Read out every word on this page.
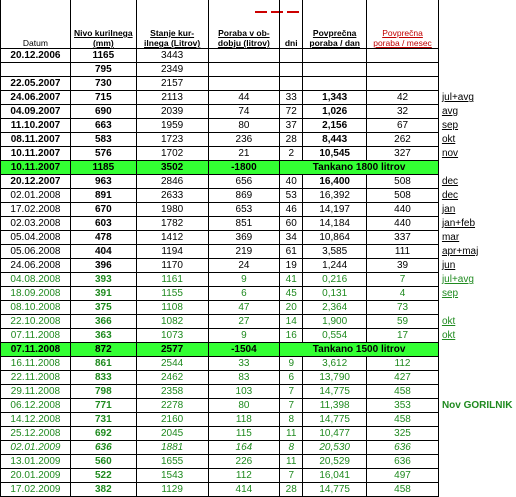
Datum	Nivo kurilnega (mm)	Stanje kur- ilnega (Litrov)	Poraba v ob- dobju (litrov)	dni	Povprečna poraba / dan	Povprečna poraba / mesec	
20.12.2006	1165	3443					
	795	2349					
22.05.2007	730	2157					
24.06.2007	715	2113	44	33	1,343	42	jul+avg
04.09.2007	690	2039	74	72	1,026	32	avg
11.10.2007	663	1959	80	37	2,156	67	sep
08.11.2007	583	1723	236	28	8,443	262	okt
10.11.2007	576	1702	21	2	10,545	327	nov
10.11.2007	1185	3502	-1800	Tankano 1800 litrov			
20.12.2007	963	2846	656	40	16,400	508	dec
02.01.2008	891	2633	869	53	16,392	508	dec
17.02.2008	670	1980	653	46	14,197	440	jan
02.03.2008	603	1782	851	60	14,184	440	jan+feb
05.04.2008	478	1412	369	34	10,864	337	mar
05.06.2008	404	1194	219	61	3,585	111	apr+maj
24.06.2008	396	1170	24	19	1,244	39	jun
04.08.2008	393	1161	9	41	0,216	7	jul+avg
18.09.2008	391	1155	6	45	0,131	4	sep
08.10.2008	375	1108	47	20	2,364	73	
22.10.2008	366	1082	27	14	1,900	59	okt
07.11.2008	363	1073	9	16	0,554	17	okt
07.11.2008	872	2577	-1504	Tankano 1500 litrov			
16.11.2008	861	2544	33	9	3,612	112	
22.11.2008	833	2462	83	6	13,790	427	
29.11.2008	798	2358	103	7	14,775	458	
06.12.2008	771	2278	80	7	11,398	353	Nov GORILNIK
14.12.2008	731	2160	118	8	14,775	458	
25.12.2008	692	2045	115	11	10,477	325	
02.01.2009	636	1881	164	8	20,530	636	
13.01.2009	560	1655	226	11	20,529	636	
20.01.2009	522	1543	112	7	16,041	497	
17.02.2009	382	1129	414	28	14,775	458	
